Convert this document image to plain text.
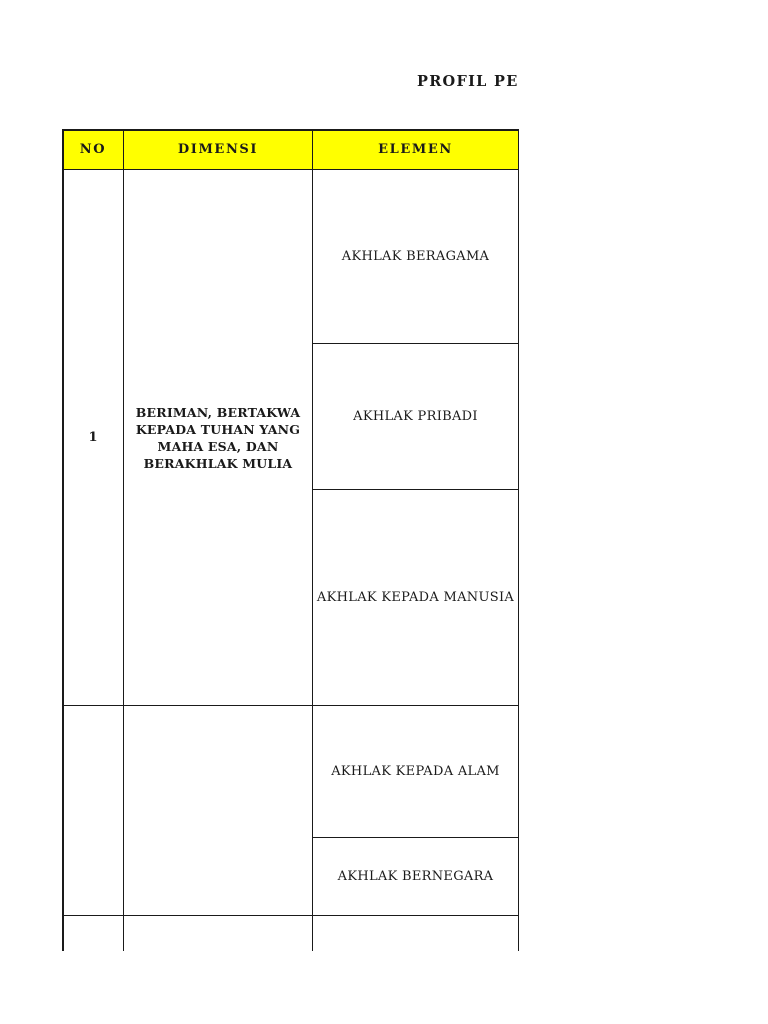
PROFIL PE
NO	DIMENSI	ELEMEN
1
BERIMAN, BERTAKWA KEPADA TUHAN YANG MAHA ESA, DAN BERAKHLAK MULIA
AKHLAK BERAGAMA
AKHLAK PRIBADI
AKHLAK KEPADA MANUSIA
AKHLAK KEPADA ALAM
AKHLAK BERNEGARA
